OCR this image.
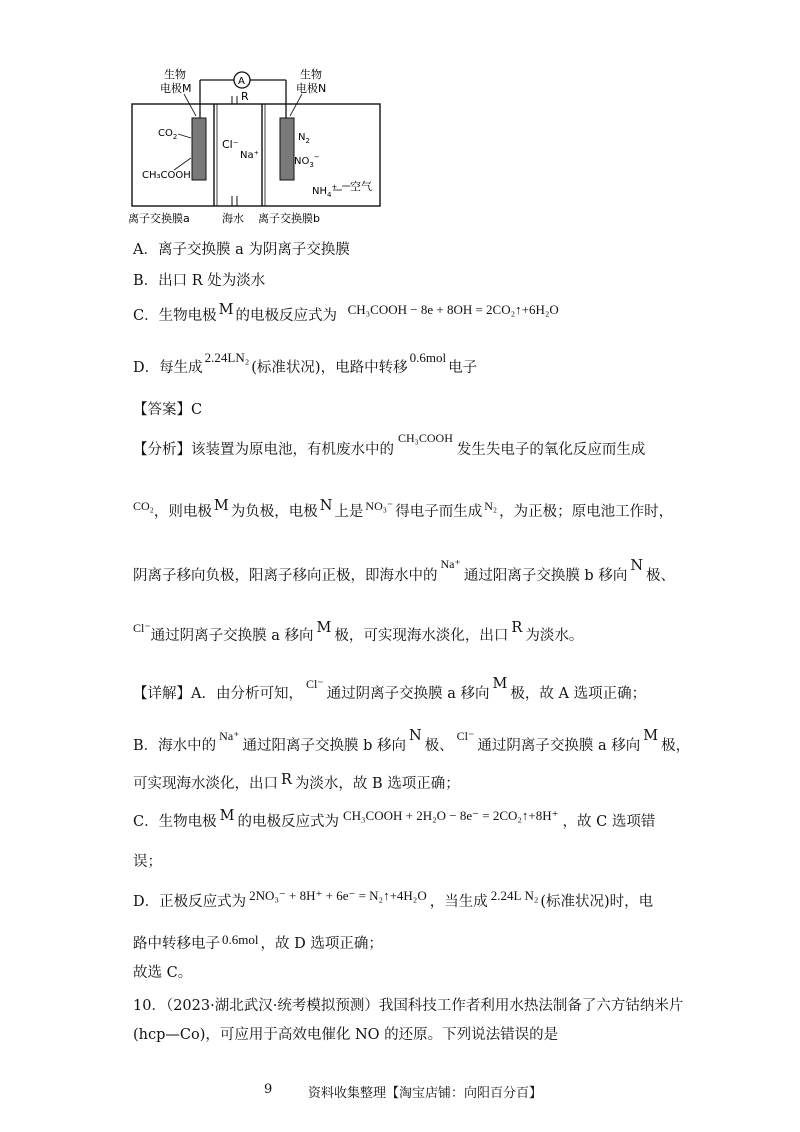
A
R
生物
电极M
生物
电极N
$CO_2$
CH₃COOH
Cl⁻
Na⁺
$N_2$
$NO_3^-$
$NH_4^+$ 空气
离子交换膜a	海水 离子交换膜b
A．离子交换膜 a 为阴离子交换膜
B．出口 R 处为淡水
C．生物电极 M 的电极反应式为 CH₃COOH − 8e + 8OH = 2CO₂↑+6H₂O
D．每生成2.24LN₂(标准状况)，电路中转移0.6mol电子
【答案】C
【分析】该装置为原电池，有机废水中的$^{CH_3COOH}$发生失电子的氧化反应而生成
$^{CO_2}$，则电极 M 为负极，电极 N 上是 $^{NO_3^-}$ 得电子而生成 $^{N_2}$ ，为正极；原电池工作时，
阴离子移向负极，阳离子移向正极，即海水中的$^{Na^+}$通过阳离子交换膜 b 移向N极、
$^{Cl^-}$通过阴离子交换膜 a 移向 M 极，可实现海水淡化，出口 R 为淡水。
【详解】A．由分析可知，$^{Cl^-}$通过阴离子交换膜 a 移向M极，故 A 选项正确；
B．海水中的$^{Na^+}$通过阳离子交换膜 b 移向N极、$^{Cl^-}$通过阴离子交换膜 a 移向M极，
可实现海水淡化，出口 R 为淡水，故 B 选项正确；
C．生物电极 M 的电极反应式为 CH₃COOH + 2H₂O − 8e⁻ = 2CO₂↑+8H⁺ ，故 C 选项错
误；
D．正极反应式为 2NO₃⁻ + 8H⁺ + 6e⁻ = N₂↑+4H₂O ，当生成 2.24L N₂ (标准状况)时，电
路中转移电子 0.6mol ，故 D 选项正确；
故选 C。
10．（2023·湖北武汉·统考模拟预测）我国科技工作者利用水热法制备了六方钴纳米片
(hcp—Co)，可应用于高效电催化 NO 的还原。下列说法错误的是
9	资料收集整理【淘宝店铺：向阳百分百】
